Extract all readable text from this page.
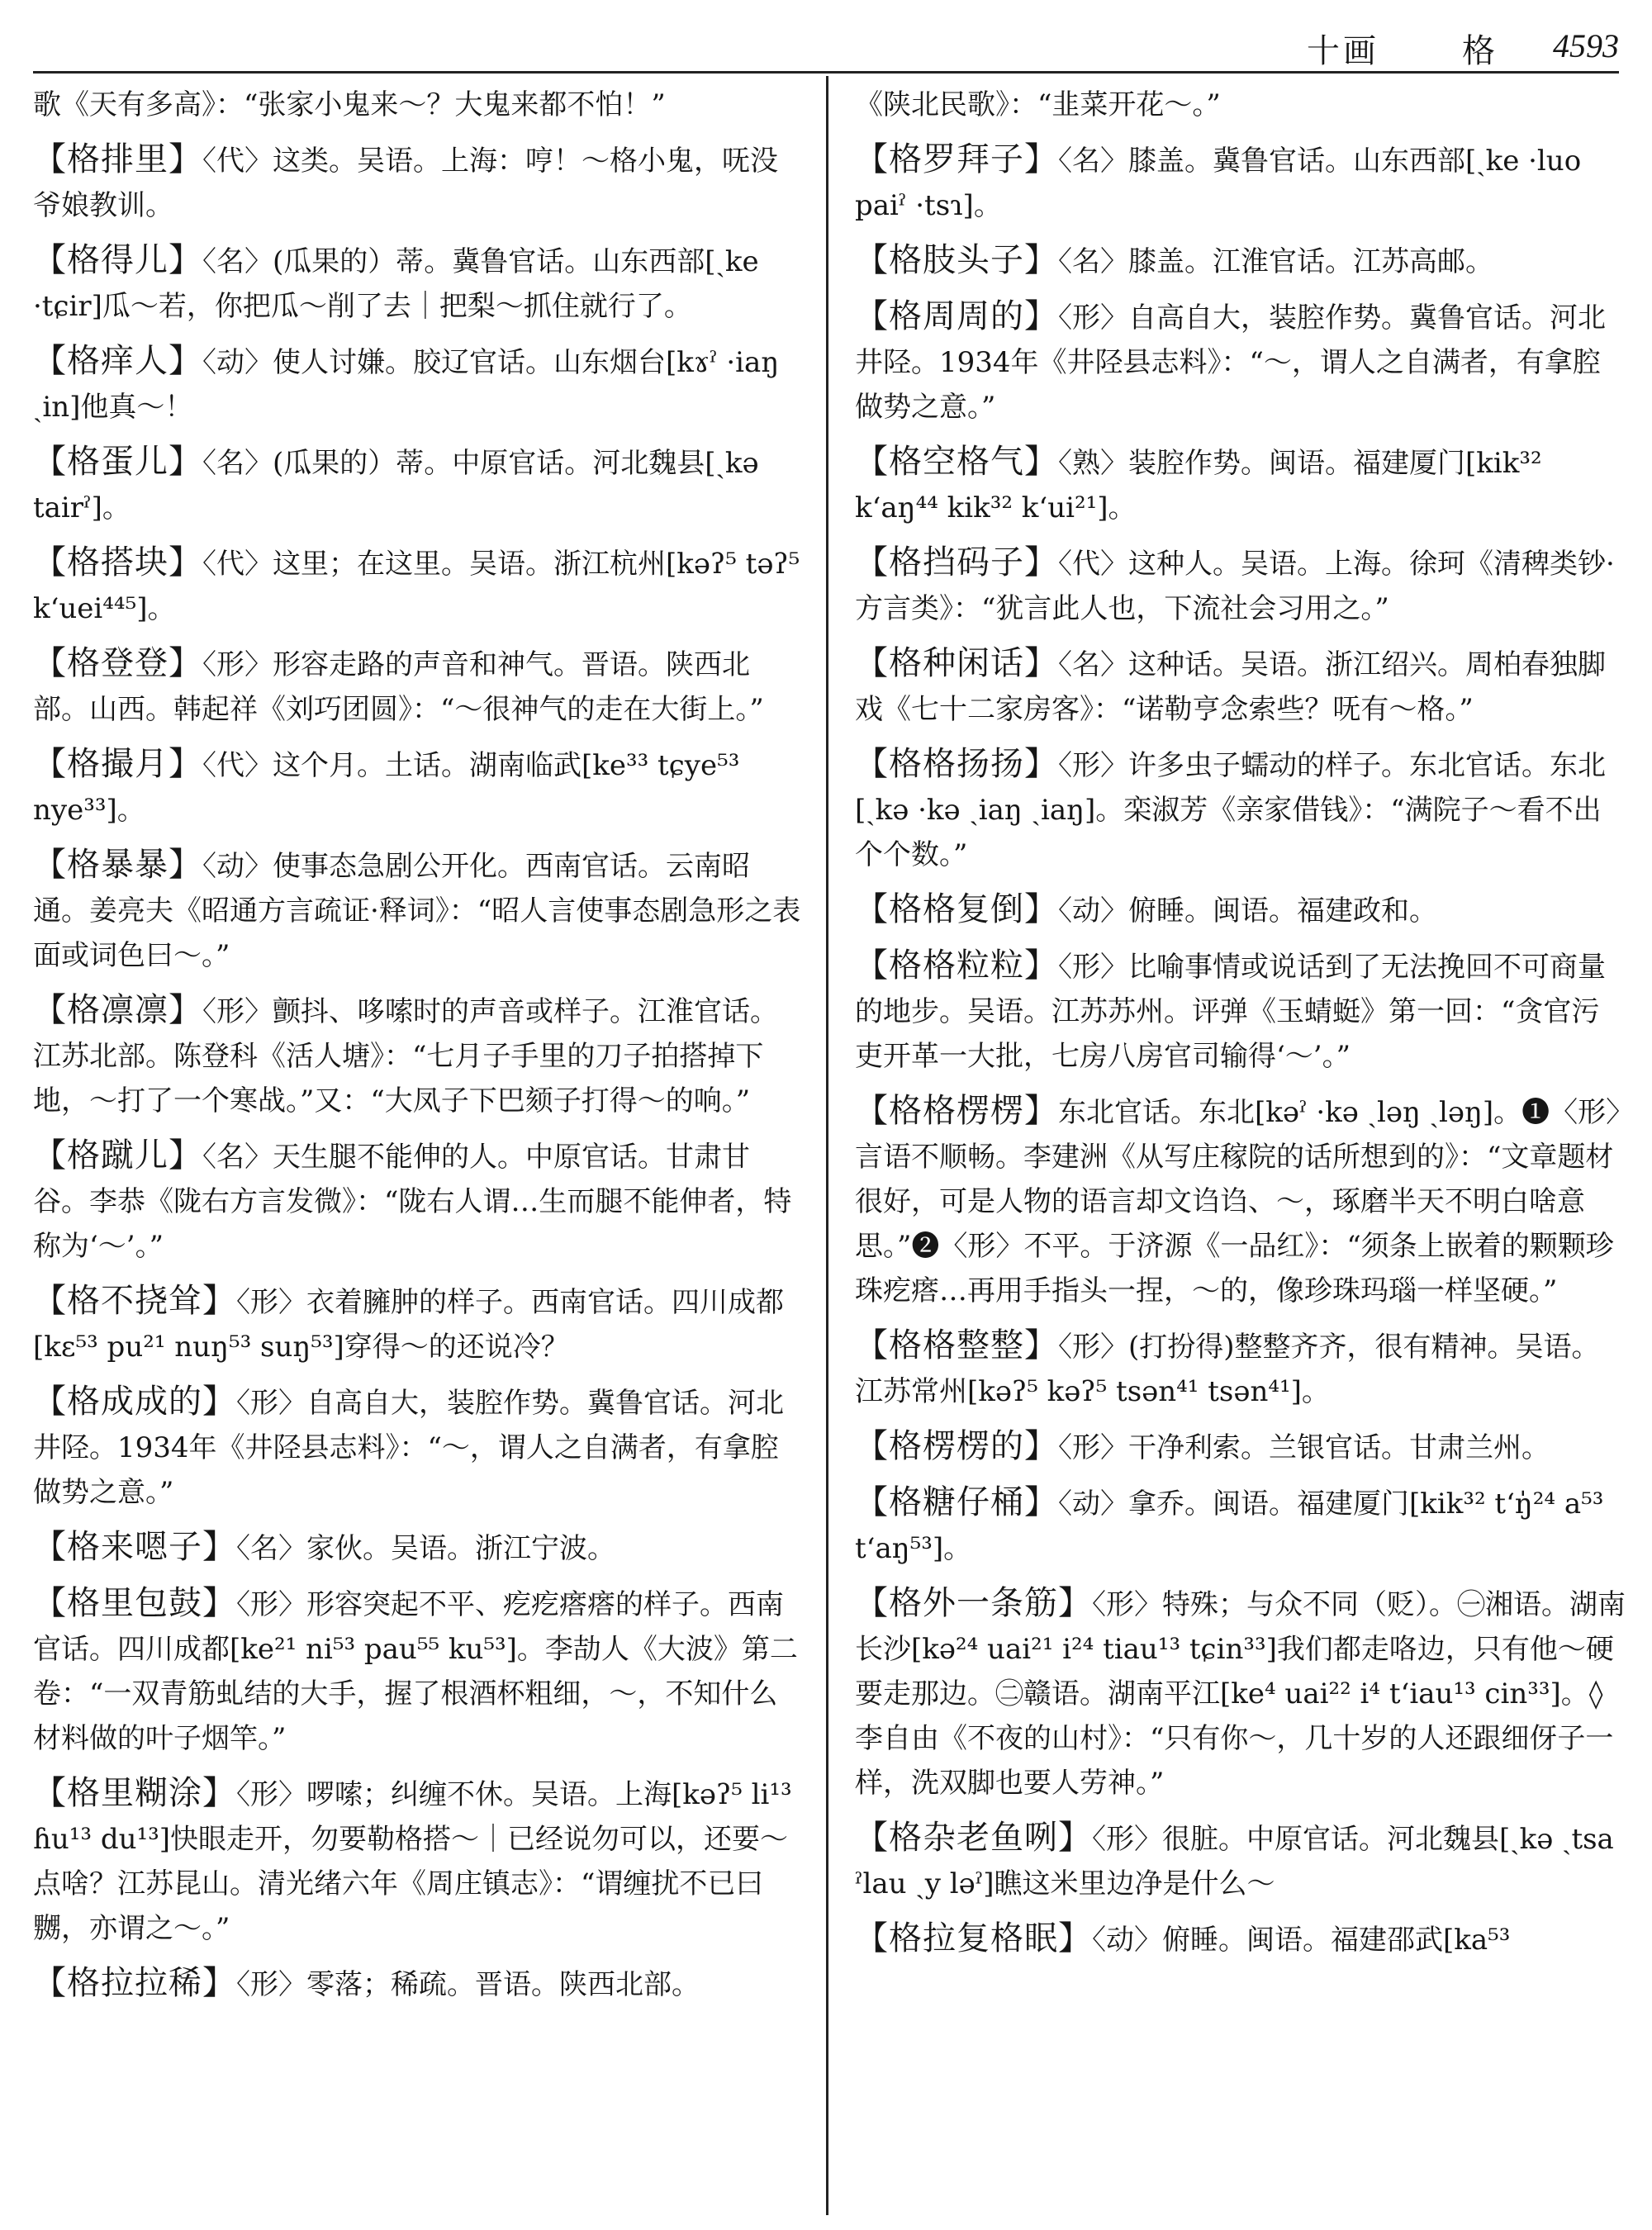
十画	格 4593
歌《天有多高》：“张家小鬼来～？大鬼来都不怕！”
【格排里】〈代〉这类。吴语。上海：哼！～格小鬼，呒没爷娘教训。
【格得儿】〈名〉(瓜果的）蒂。冀鲁官话。山东西部[ˏke ·tɕir]瓜～若，你把瓜～削了去｜把梨～抓住就行了。
【格痒人】〈动〉使人讨嫌。胶辽官话。山东烟台[kɤˀ ·iaŋ ˏin]他真～！
【格蛋儿】〈名〉(瓜果的）蒂。中原官话。河北魏县[ˏkə tairˀ]。
【格搭块】〈代〉这里；在这里。吴语。浙江杭州[kəʔ⁵ təʔ⁵ k‘uei⁴⁴⁵]。
【格登登】〈形〉形容走路的声音和神气。晋语。陕西北部。山西。韩起祥《刘巧团圆》：“～很神气的走在大街上。”
【格撮月】〈代〉这个月。土话。湖南临武[ke³³ tɕye⁵³ nye³³]。
【格暴暴】〈动〉使事态急剧公开化。西南官话。云南昭通。姜亮夫《昭通方言疏证·释词》：“昭人言使事态剧急形之表面或词色曰～。”
【格凛凛】〈形〉颤抖、哆嗦时的声音或样子。江淮官话。江苏北部。陈登科《活人塘》：“七月子手里的刀子拍搭掉下地，～打了一个寒战。”又：“大凤子下巴颏子打得～的响。”
【格蹴儿】〈名〉天生腿不能伸的人。中原官话。甘肃甘谷。李恭《陇右方言发微》：“陇右人谓…生而腿不能伸者，特称为‘～’。”
【格不挠耸】〈形〉衣着臃肿的样子。西南官话。四川成都[kɛ⁵³ pu²¹ nuŋ⁵³ suŋ⁵³]穿得～的还说冷？
【格成成的】〈形〉自高自大，装腔作势。冀鲁官话。河北井陉。1934年《井陉县志料》：“～，谓人之自满者，有拿腔做势之意。”
【格来嗯子】〈名〉家伙。吴语。浙江宁波。
【格里包鼓】〈形〉形容突起不平、疙疙瘩瘩的样子。西南官话。四川成都[ke²¹ ni⁵³ pau⁵⁵ ku⁵³]。李劼人《大波》第二卷：“一双青筋虬结的大手，握了根酒杯粗细，～，不知什么材料做的叶子烟竿。”
【格里糊涂】〈形〉啰嗦；纠缠不休。吴语。上海[kəʔ⁵ li¹³ ɦu¹³ du¹³]快眼走开，勿要勒格搭～｜已经说勿可以，还要～点啥？江苏昆山。清光绪六年《周庄镇志》：“谓缠扰不已曰嬲，亦谓之～。”
【格拉拉稀】〈形〉零落；稀疏。晋语。陕西北部。
《陕北民歌》：“韭菜开花～。”
【格罗拜子】〈名〉膝盖。冀鲁官话。山东西部[ˏke ·luo paiˀ ·tsɿ]。
【格肢头子】〈名〉膝盖。江淮官话。江苏高邮。
【格周周的】〈形〉自高自大，装腔作势。冀鲁官话。河北井陉。1934年《井陉县志料》：“～，谓人之自满者，有拿腔做势之意。”
【格空格气】〈熟〉装腔作势。闽语。福建厦门[kik³² k‘aŋ⁴⁴ kik³² k‘ui²¹]。
【格挡码子】〈代〉这种人。吴语。上海。徐珂《清稗类钞·方言类》：“犹言此人也，下流社会习用之。”
【格种闲话】〈名〉这种话。吴语。浙江绍兴。周柏春独脚戏《七十二家房客》：“诺勒亨念索些？呒有～格。”
【格格扬扬】〈形〉许多虫子蠕动的样子。东北官话。东北[ˏkə ·kə ˏiaŋ ˏiaŋ]。栾淑芳《亲家借钱》：“满院子～看不出个个数。”
【格格复倒】〈动〉俯睡。闽语。福建政和。
【格格粒粒】〈形〉比喻事情或说话到了无法挽回不可商量的地步。吴语。江苏苏州。评弹《玉蜻蜓》第一回：“贪官污吏开革一大批，七房八房官司输得‘～’。”
【格格楞楞】东北官话。东北[kəˀ ·kə ˏləŋ ˏləŋ]。❶〈形〉言语不顺畅。李建洲《从写庄稼院的话所想到的》：“文章题材很好，可是人物的语言却文诌诌、～，琢磨半天不明白啥意思。”❷〈形〉不平。于济源《一品红》：“须条上嵌着的颗颗珍珠疙瘩…再用手指头一捏，～的，像珍珠玛瑙一样坚硬。”
【格格整整】〈形〉(打扮得)整整齐齐，很有精神。吴语。江苏常州[kəʔ⁵ kəʔ⁵ tsən⁴¹ tsən⁴¹]。
【格楞楞的】〈形〉干净利索。兰银官话。甘肃兰州。
【格糖仔桶】〈动〉拿乔。闽语。福建厦门[kik³² t‘ŋ̍²⁴ a⁵³ t‘aŋ⁵³]。
【格外一条筋】〈形〉特殊；与众不同（贬）。㊀湘语。湖南长沙[kə²⁴ uai²¹ i²⁴ tiau¹³ tɕin³³]我们都走咯边，只有他～硬要走那边。㊁赣语。湖南平江[ke⁴ uai²² i⁴ t‘iau¹³ cin³³]。◊李自由《不夜的山村》：“只有你～，几十岁的人还跟细伢子一样，洗双脚也要人劳神。”
【格杂老鱼咧】〈形〉很脏。中原官话。河北魏县[ˏkə ˏtsa ˀlau ˏy ləˀ]瞧这米里边净是什么～
【格拉复格眠】〈动〉俯睡。闽语。福建邵武[ka⁵³
